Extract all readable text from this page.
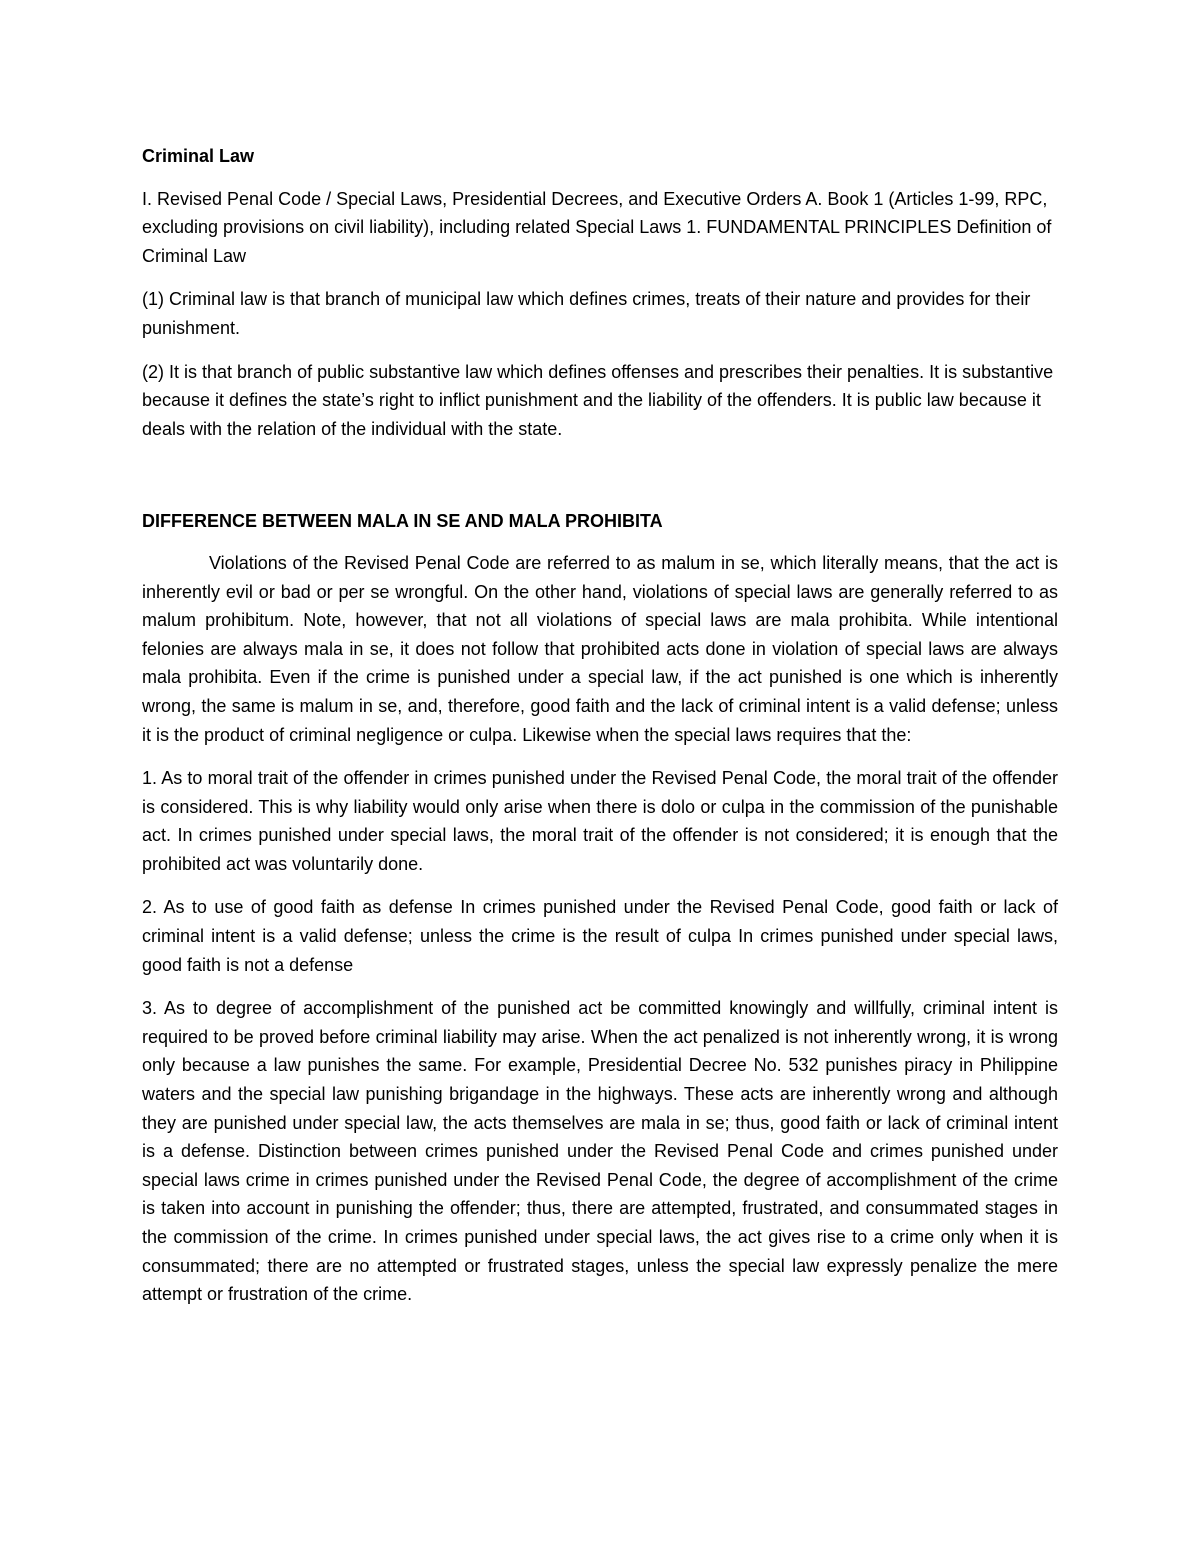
Criminal Law

I. Revised Penal Code / Special Laws, Presidential Decrees, and Executive Orders A. Book 1 (Articles 1-99, RPC, excluding provisions on civil liability), including related Special Laws 1. FUNDAMENTAL PRINCIPLES Definition of Criminal Law

(1) Criminal law is that branch of municipal law which defines crimes, treats of their nature and provides for their punishment.

(2) It is that branch of public substantive law which defines offenses and prescribes their penalties. It is substantive because it defines the state’s right to inflict punishment and the liability of the offenders. It is public law because it deals with the relation of the individual with the state.

DIFFERENCE BETWEEN MALA IN SE AND MALA PROHIBITA

Violations of the Revised Penal Code are referred to as malum in se, which literally means, that the act is inherently evil or bad or per se wrongful. On the other hand, violations of special laws are generally referred to as malum prohibitum. Note, however, that not all violations of special laws are mala prohibita. While intentional felonies are always mala in se, it does not follow that prohibited acts done in violation of special laws are always mala prohibita. Even if the crime is punished under a special law, if the act punished is one which is inherently wrong, the same is malum in se, and, therefore, good faith and the lack of criminal intent is a valid defense; unless it is the product of criminal negligence or culpa. Likewise when the special laws requires that the:

1. As to moral trait of the offender in crimes punished under the Revised Penal Code, the moral trait of the offender is considered. This is why liability would only arise when there is dolo or culpa in the commission of the punishable act. In crimes punished under special laws, the moral trait of the offender is not considered; it is enough that the prohibited act was voluntarily done.

2. As to use of good faith as defense In crimes punished under the Revised Penal Code, good faith or lack of criminal intent is a valid defense; unless the crime is the result of culpa In crimes punished under special laws, good faith is not a defense

3. As to degree of accomplishment of the punished act be committed knowingly and willfully, criminal intent is required to be proved before criminal liability may arise. When the act penalized is not inherently wrong, it is wrong only because a law punishes the same. For example, Presidential Decree No. 532 punishes piracy in Philippine waters and the special law punishing brigandage in the highways. These acts are inherently wrong and although they are punished under special law, the acts themselves are mala in se; thus, good faith or lack of criminal intent is a defense. Distinction between crimes punished under the Revised Penal Code and crimes punished under special laws crime in crimes punished under the Revised Penal Code, the degree of accomplishment of the crime is taken into account in punishing the offender; thus, there are attempted, frustrated, and consummated stages in the commission of the crime. In crimes punished under special laws, the act gives rise to a crime only when it is consummated; there are no attempted or frustrated stages, unless the special law expressly penalize the mere attempt or frustration of the crime.
